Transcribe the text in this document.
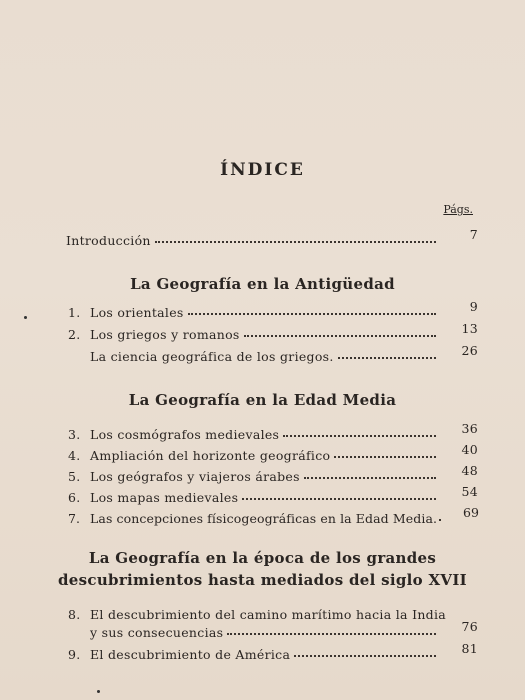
ÍNDICE
Págs.
Introducción	7
La Geografía en la Antigüedad
1. Los orientales	9
2. Los griegos y romanos	13
La ciencia geográfica de los griegos.	26
La Geografía en la Edad Media
3. Los cosmógrafos medievales	36
4. Ampliación del horizonte geográfico	40
5. Los geógrafos y viajeros árabes	48
6. Los mapas medievales	54
7. Las concepciones físicogeográficas en la Edad Media.	69
La Geografía en la época de los grandes
descubrimientos hasta mediados del siglo XVII
8. El descubrimiento del camino marítimo hacia la India
y sus consecuencias	76
9. El descubrimiento de América	81
